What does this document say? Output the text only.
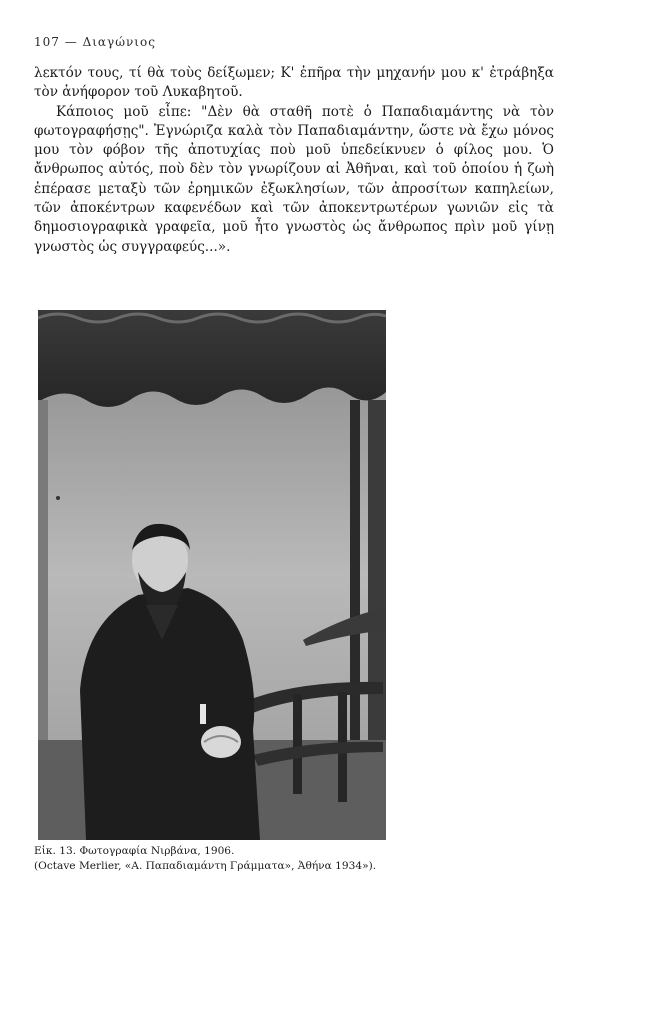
107 — Διαγώνιος

λεκτόν τους, τί θὰ τοὺς δείξωμεν; Κ' ἐπῆρα τὴν μηχανήν μου κ' ἐτράβηξα τὸν ἀνήφορον τοῦ Λυκαβητοῦ.

Κάποιος μοῦ εἶπε: "Δὲν θὰ σταθῆ ποτὲ ὁ Παπαδιαμάντης νὰ τὸν φωτογραφήσῃς". Ἐγνώριζα καλὰ τὸν Παπαδιαμάντην, ὥστε νὰ ἔχω μόνος μου τὸν φόβον τῆς ἀποτυχίας ποὺ μοῦ ὑπεδείκνυεν ὁ φίλος μου. Ὁ ἄνθρωπος αὐτός, ποὺ δὲν τὸν γνωρίζουν αἱ Ἀθῆναι, καὶ τοῦ ὁποίου ἡ ζωὴ ἐπέρασε μεταξὺ τῶν ἐρημικῶν ἐξωκλησίων, τῶν ἀπροσίτων καπηλείων, τῶν ἀποκέντρων καφενέδων καὶ τῶν ἀποκεντρωτέρων γωνιῶν εἰς τὰ δημοσιογραφικὰ γραφεῖα, μοῦ ἦτο γνωστὸς ὡς ἄνθρωπος πρὶν μοῦ γίνῃ γνωστὸς ὡς συγγραφεύς...».

Εἰκ. 13. Φωτογραφία Νιρβάνα, 1906.
(Octave Merlier, «Α. Παπαδιαμάντη Γράμματα», Ἀθήνα 1934»).
